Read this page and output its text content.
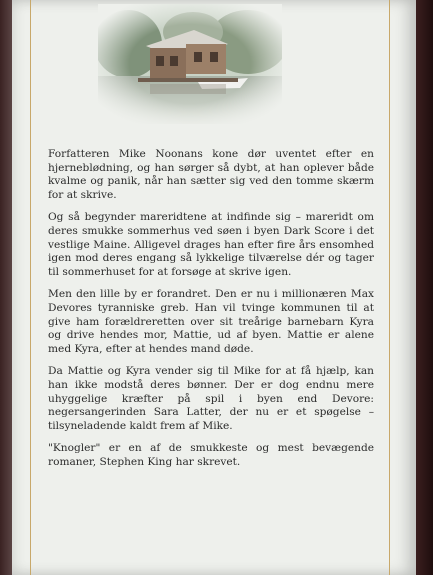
Forfatteren Mike Noonans kone dør uventet efter en hjerneblødning, og han sørger så dybt, at han oplever både kvalme og panik, når han sætter sig ved den tomme skærm for at skrive.

Og så begynder mareridtene at indfinde sig – mareridt om deres smukke sommerhus ved søen i byen Dark Score i det vestlige Maine. Alligevel drages han efter fire års ensomhed igen mod deres engang så lykkelige tilværelse dér og tager til sommerhuset for at forsøge at skrive igen.

Men den lille by er forandret. Den er nu i millionæren Max Devores tyranniske greb. Han vil tvinge kommunen til at give ham forældreretten over sit treårige barnebarn Kyra og drive hendes mor, Mattie, ud af byen. Mattie er alene med Kyra, efter at hendes mand døde.

Da Mattie og Kyra vender sig til Mike for at få hjælp, kan han ikke modstå deres bønner. Der er dog endnu mere uhyggelige kræfter på spil i byen end Devore: negersangerinden Sara Latter, der nu er et spøgelse – tilsyneladende kaldt frem af Mike.

"Knogler" er en af de smukkeste og mest bevægende romaner, Stephen King har skrevet.
